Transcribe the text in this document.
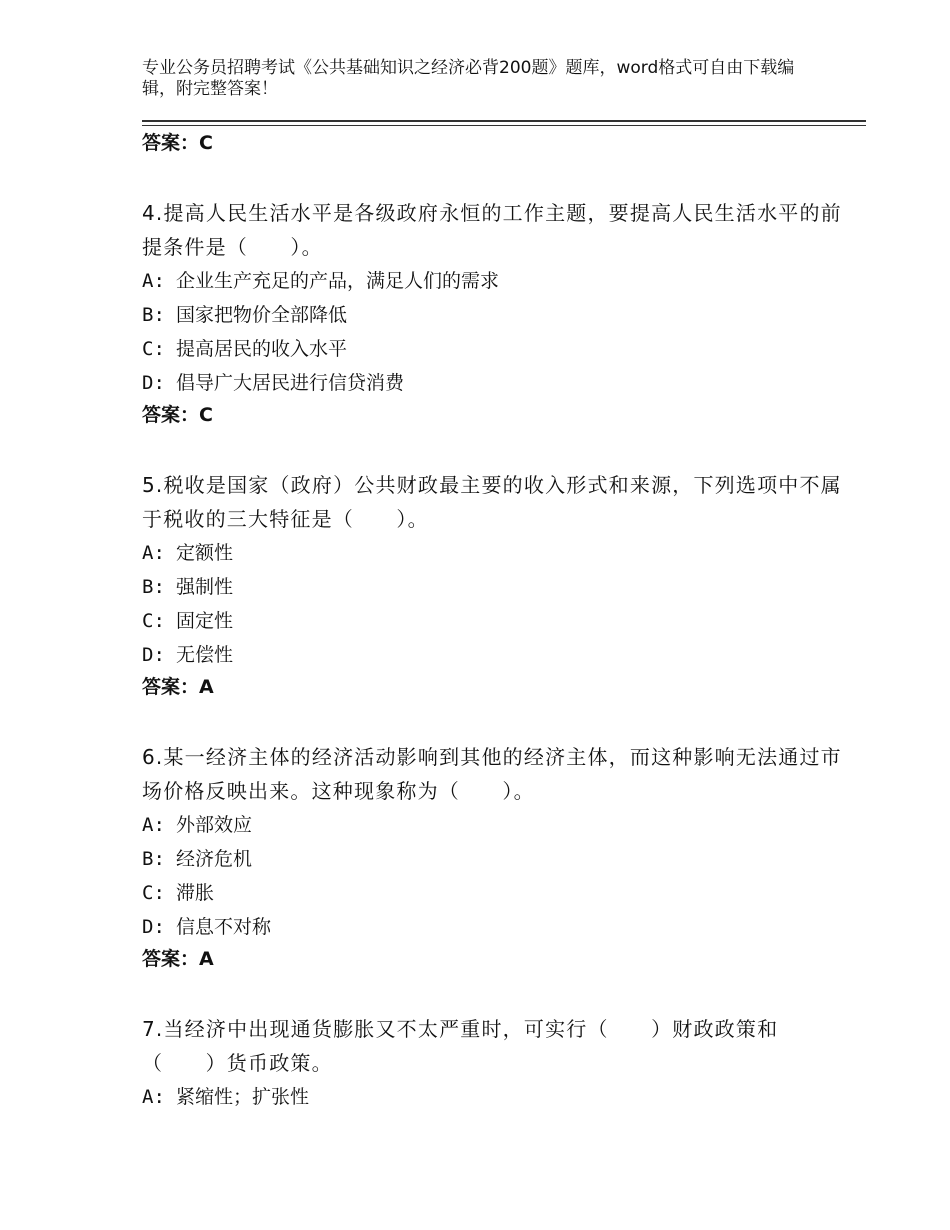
专业公务员招聘考试《公共基础知识之经济必背200题》题库，word格式可自由下载编辑，附完整答案！
答案：C

4.提高人民生活水平是各级政府永恒的工作主题，要提高人民生活水平的前提条件是（　　）。

A: 企业生产充足的产品，满足人们的需求
B: 国家把物价全部降低
C: 提高居民的收入水平
D: 倡导广大居民进行信贷消费
答案：C

5.税收是国家（政府）公共财政最主要的收入形式和来源，下列选项中不属于税收的三大特征是（　　）。

A: 定额性
B: 强制性
C: 固定性
D: 无偿性
答案：A

6.某一经济主体的经济活动影响到其他的经济主体，而这种影响无法通过市场价格反映出来。这种现象称为（　　）。

A: 外部效应
B: 经济危机
C: 滞胀
D: 信息不对称
答案：A

7.当经济中出现通货膨胀又不太严重时，可实行（　　）财政政策和（　　）货币政策。

A: 紧缩性；扩张性
